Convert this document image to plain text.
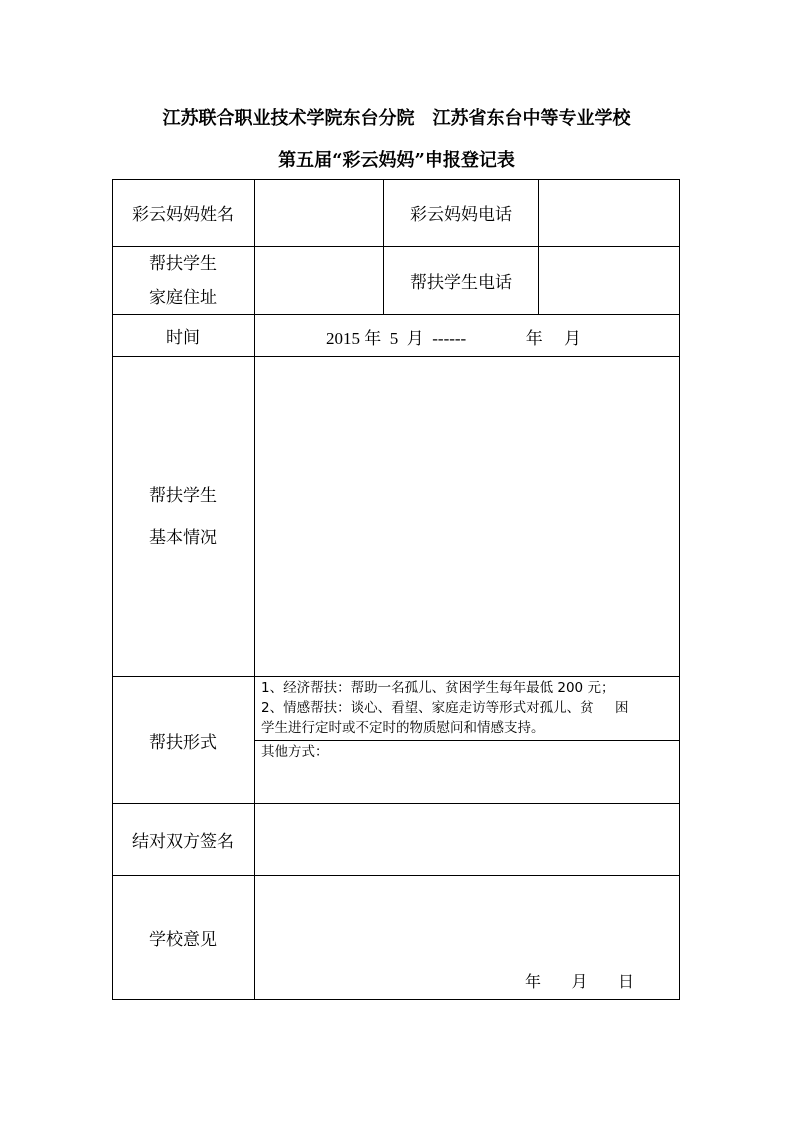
江苏联合职业技术学院东台分院　江苏省东台中等专业学校
第五届“彩云妈妈”申报登记表
彩云妈妈姓名	彩云妈妈电话
帮扶学生
家庭住址
帮扶学生电话
时间	2015 年  5  月  ------              年     月
帮扶学生
基本情况
帮扶形式
1、经济帮扶：帮助一名孤儿、贫困学生每年最低 200 元；
2、情感帮扶：谈心、看望、家庭走访等形式对孤儿、贫     困
学生进行定时或不定时的物质慰问和情感支持。
其他方式：
结对双方签名
学校意见
年      月      日
